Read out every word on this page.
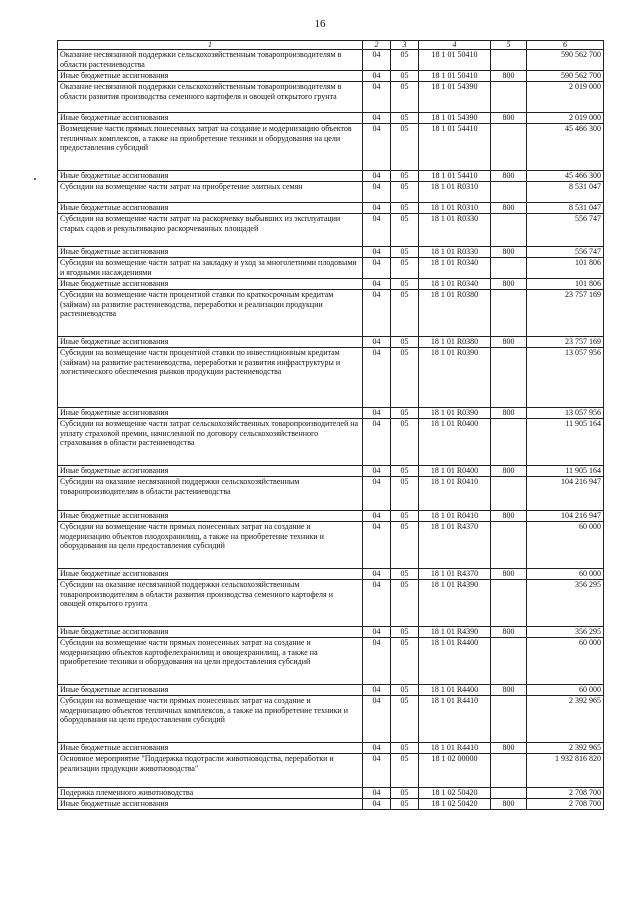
16
1	2	3	4	5	6
Оказание несвязанной поддержки сельскохозяйственным товаропроизводителям в области растениеводства	04	05	18 1 01 50410		590 562 700
Иные бюджетные ассигнования	04	05	18 1 01 50410	800	590 562 700
Оказание несвязанной поддержки сельскохозяйственным товаропроизводителям в области развития производства семенного картофеля и овощей открытого грунта	04	05	18 1 01 54390		2 019 000
Иные бюджетные ассигнования	04	05	18 1 01 54390	800	2 019 000
Возмещение части прямых понесенных затрат на создание и модернизацию объектов тепличных комплексов, а также на приобретение техники и оборудования на цели предоставления субсидий	04	05	18 1 01 54410		45 466 300
Иные бюджетные ассигнования	04	05	18 1 01 54410	800	45 466 300
Субсидии на возмещение части затрат на приобретение элитных семян	04	05	18 1 01 R0310		8 531 047
Иные бюджетные ассигнования	04	05	18 1 01 R0310	800	8 531 047
Субсидии на возмещение части затрат на раскорчевку выбывших из эксплуатации старых садов и рекультивацию раскорчеванных площадей	04	05	18 1 01 R0330		556 747
Иные бюджетные ассигнования	04	05	18 1 01 R0330	800	556 747
Субсидии на возмещение части затрат на закладку и уход за многолетними плодовыми и ягодными насаждениями	04	05	18 1 01 R0340		101 806
Иные бюджетные ассигнования	04	05	18 1 01 R0340	800	101 806
Субсидии на возмещение части процентной ставки по краткосрочным кредитам (займам) на развитие растениеводства, переработки и реализации продукции растениеводства	04	05	18 1 01 R0380		23 757 169
Иные бюджетные ассигнования	04	05	18 1 01 R0380	800	23 757 169
Субсидии на возмещение части процентной ставки по инвестиционным кредитам (займам) на развитие растениеводства, переработки и развития инфраструктуры и логистического обеспечения рынков продукции растениеводства	04	05	18 1 01 R0390		13 057 956
Иные бюджетные ассигнования	04	05	18 1 01 R0390	800	13 057 956
Субсидии на возмещение части затрат сельскохозяйственных товаропроизводителей на уплату страховой премии, начисленной по договору сельскохозяйственного страхования в области растениеводства	04	05	18 1 01 R0400		11 905 164
Иные бюджетные ассигнования	04	05	18 1 01 R0400	800	11 905 164
Субсидии на оказание несвязанной поддержки сельскохозяйственным товаропроизводителям в области растениеводства	04	05	18 1 01 R0410		104 216 947
Иные бюджетные ассигнования	04	05	18 1 01 R0410	800	104 216 947
Субсидии на возмещение части прямых понесенных затрат на создание и модернизацию объектов плодохранилищ, а также на приобретение техники и оборудования на цели предоставления субсидий	04	05	18 1 01 R4370		60 000
Иные бюджетные ассигнования	04	05	18 1 01 R4370	800	60 000
Субсидии на оказание несвязанной поддержки сельскохозяйственным товаропроизводителям в области развития производства семенного картофеля и овощей открытого грунта	04	05	18 1 01 R4390		356 295
Иные бюджетные ассигнования	04	05	18 1 01 R4390	800	356 295
Субсидии на возмещение части прямых понесенных затрат на создание и модернизацию объектов картофелехранилищ и овощехранилищ, а также на приобретение техники и оборудования на цели предоставления субсидий	04	05	18 1 01 R4400		60 000
Иные бюджетные ассигнования	04	05	18 1 01 R4400	800	60 000
Субсидии на возмещение части прямых понесенных затрат на создание и модернизацию объектов тепличных комплексов, а также на приобретение техники и оборудования на цели предоставления субсидий	04	05	18 1 01 R4410		2 392 965
Иные бюджетные ассигнования	04	05	18 1 01 R4410	800	2 392 965
Основное мероприятие "Поддержка подотрасли животноводства, переработки и реализации продукции животноводства"	04	05	18 1 02 00000		1 932 816 820
Подержка племенного животноводства	04	05	18 1 02 50420		2 708 700
Иные бюджетные ассигнования	04	05	18 1 02 50420	800	2 708 700
